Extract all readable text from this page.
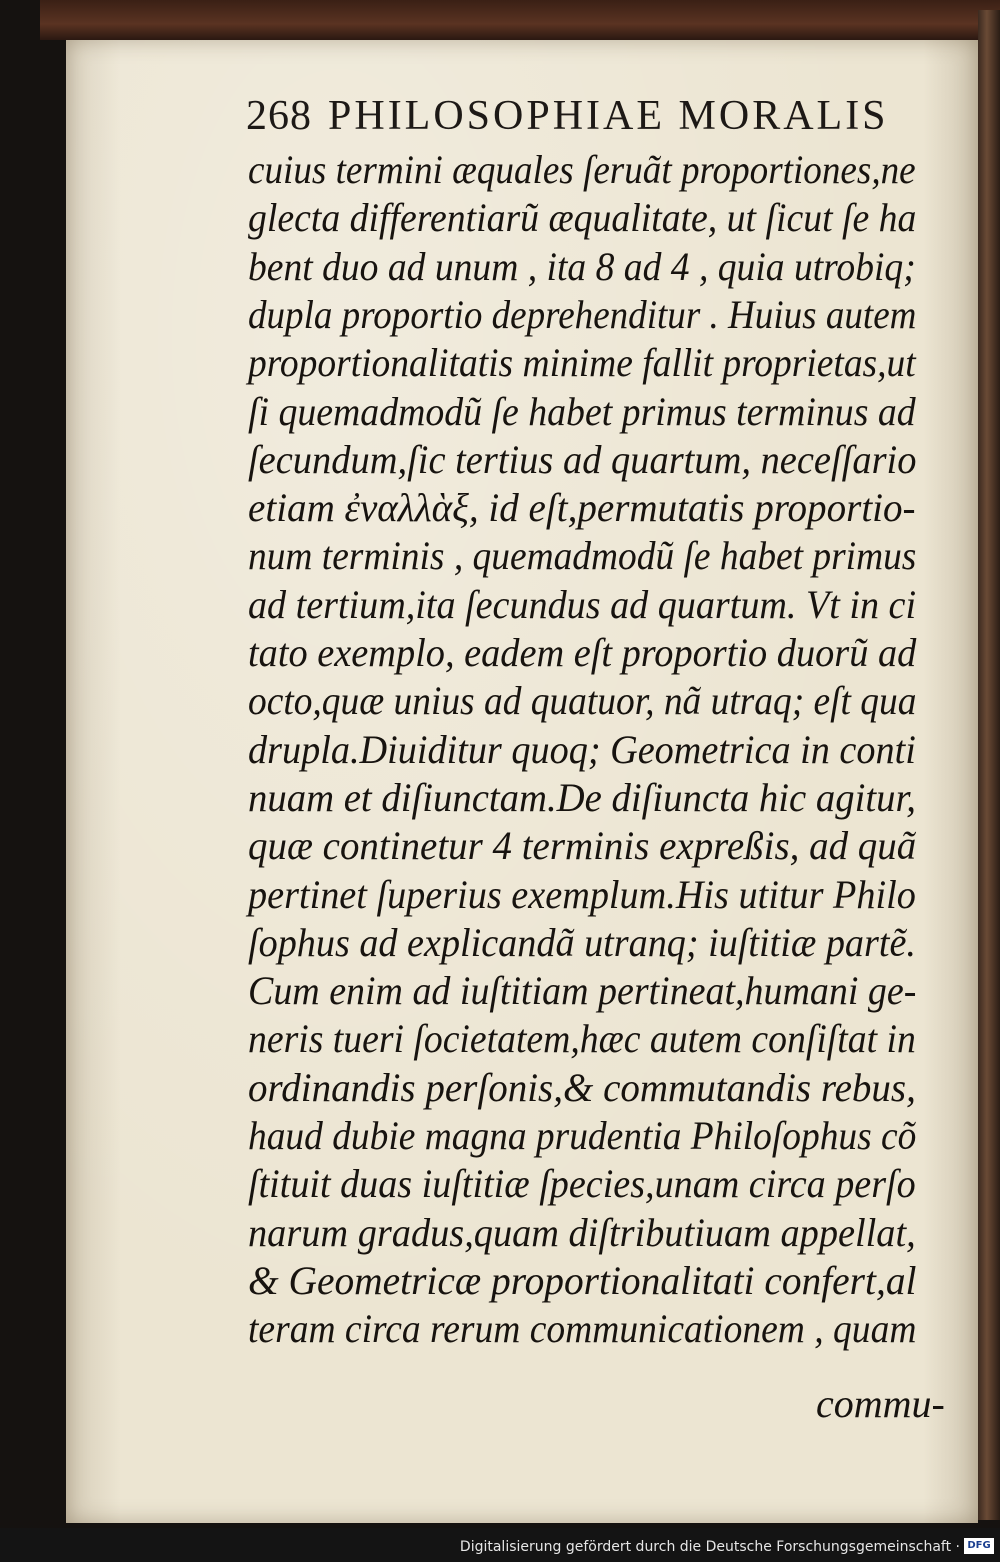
268 PHILOSOPHIAE MORALIS
cuius termini æquales ſeruãt proportiones,ne
glecta differentiarũ æqualitate, ut ſicut ſe ha
bent duo ad unum , ita 8 ad 4 , quia utrobiq;
dupla proportio deprehenditur . Huius autem
proportionalitatis minime fallit proprietas,ut
ſi quemadmodũ ſe habet primus terminus ad
ſecundum,ſic tertius ad quartum, neceſſario
etiam ἐναλλὰξ, id eſt,permutatis proportio-
num terminis , quemadmodũ ſe habet primus
ad tertium,ita ſecundus ad quartum. Vt in ci
tato exemplo, eadem eſt proportio duorũ ad
octo,quæ unius ad quatuor, nã utraq; eſt qua
drupla.Diuiditur quoq; Geometrica in conti
nuam et diſiunctam.De diſiuncta hic agitur,
quæ continetur 4 terminis expreßis, ad quã
pertinet ſuperius exemplum.His utitur Philo
ſophus ad explicandã utranq; iuſtitiæ partẽ.
Cum enim ad iuſtitiam pertineat,humani ge-
neris tueri ſocietatem,hæc autem conſiſtat in
ordinandis perſonis,& commutandis rebus,
haud dubie magna prudentia Philoſophus cõ
ſtituit duas iuſtitiæ ſpecies,unam circa perſo
narum gradus,quam diſtributiuam appellat,
& Geometricæ proportionalitati confert,al
teram circa rerum communicationem , quam
commu-
Digitalisierung gefördert durch die Deutsche Forschungsgemeinschaft · DFG
